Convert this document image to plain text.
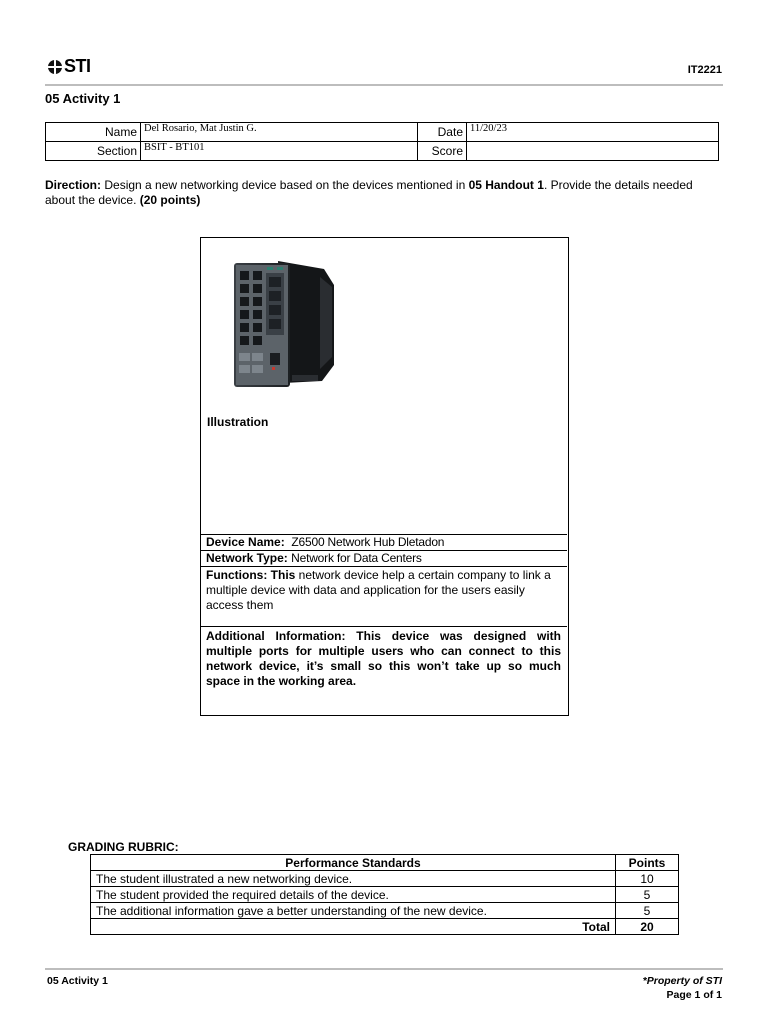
STI	IT2221
05 Activity 1
Name	Del Rosario, Mat Justin G.	Date	11/20/23
Section	BSIT - BT101	Score	
Direction: Design a new networking device based on the devices mentioned in 05 Handout 1. Provide the details needed about the device. (20 points)
Illustration
Device Name: Z6500 Network Hub Dletadon
Network Type: Network for Data Centers
Functions: This network device help a certain company to link a multiple device with data and application for the users easily access them
Additional Information: This device was designed with multiple ports for multiple users who can connect to this network device, it’s small so this won’t take up so much space in the working area.
GRADING RUBRIC:
Performance Standards	Points
The student illustrated a new networking device.	10
The student provided the required details of the device.	5
The additional information gave a better understanding of the new device.	5
Total	20
05 Activity 1	*Property of STI
Page 1 of 1
